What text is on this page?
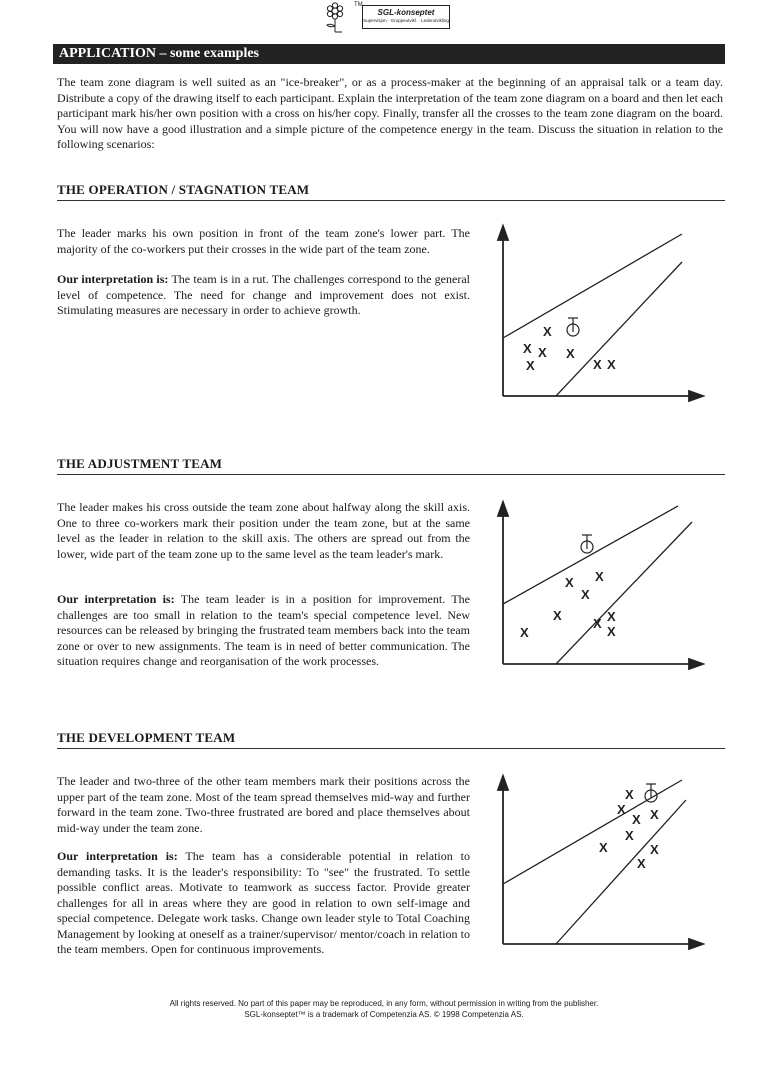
TM
SGL-konseptet
Supervisjon · Gruppeutvikl. · Lederutvikling
APPLICATION – some examples
The team zone diagram is well suited as an "ice-breaker", or as a process-maker at the beginning of an appraisal talk or a team day. Distribute a copy of the drawing itself to each participant. Explain the interpretation of the team zone diagram on a board and then let each participant mark his/her own position with a cross on his/her copy. Finally, transfer all the crosses to the team zone diagram on the board. You will now have a good illustration and a simple picture of the competence energy in the team. Discuss the situation in relation to the following scenarios:
THE OPERATION / STAGNATION TEAM

The leader marks his own position in front of the team zone's lower part. The majority of the co-workers put their crosses in the wide part of the team zone.

Our interpretation is: The team is in a rut. The challenges correspond to the general level of competence. The need for change and improvement does not exist. Stimulating measures are necessary in order to achieve growth.

X
X X
X
X
X X
THE ADJUSTMENT TEAM

The leader makes his cross outside the team zone about halfway along the skill axis. One to three co-workers mark their position under the team zone, but at the same level as the leader in relation to the skill axis. The others are spread out from the lower, wide part of the team zone up to the same level as the team leader's mark.

Our interpretation is: The team leader is in a position for improvement. The challenges are too small in relation to the team's special competence level. New resources can be released by bringing the frustrated team members back into the team zone or over to new assignments. The team is in need of better communication. The situation requires change and reorganisation of the work processes.

X X
X
X	X
X
X
X
THE DEVELOPMENT TEAM

The leader and two-three of the other team members mark their positions across the upper part of the team zone. Most of the team spread themselves mid-way and further forward in the team zone. Two-three frustrated are bored and place themselves about mid-way under the team zone.

Our interpretation is: The team has a considerable potential in relation to demanding tasks. It is the leader's responsibility: To "see" the frustrated. To settle possible conflict areas. Motivate to teamwork as success factor. Provide greater challenges for all in areas where they are good in relation to own self-image and special competence. Delegate work tasks. Change own leader style to Total Coaching Management by looking at oneself as a trainer/supervisor/ mentor/coach in relation to the team members. Open for continuous improvements.

X
X
X X
X
X	X
X
All rights reserved. No part of this paper may be reproduced, in any form, without permission in writing from the publisher.
SGL-konseptet™ is a trademark of Competenzia AS. © 1998 Competenzia AS.
